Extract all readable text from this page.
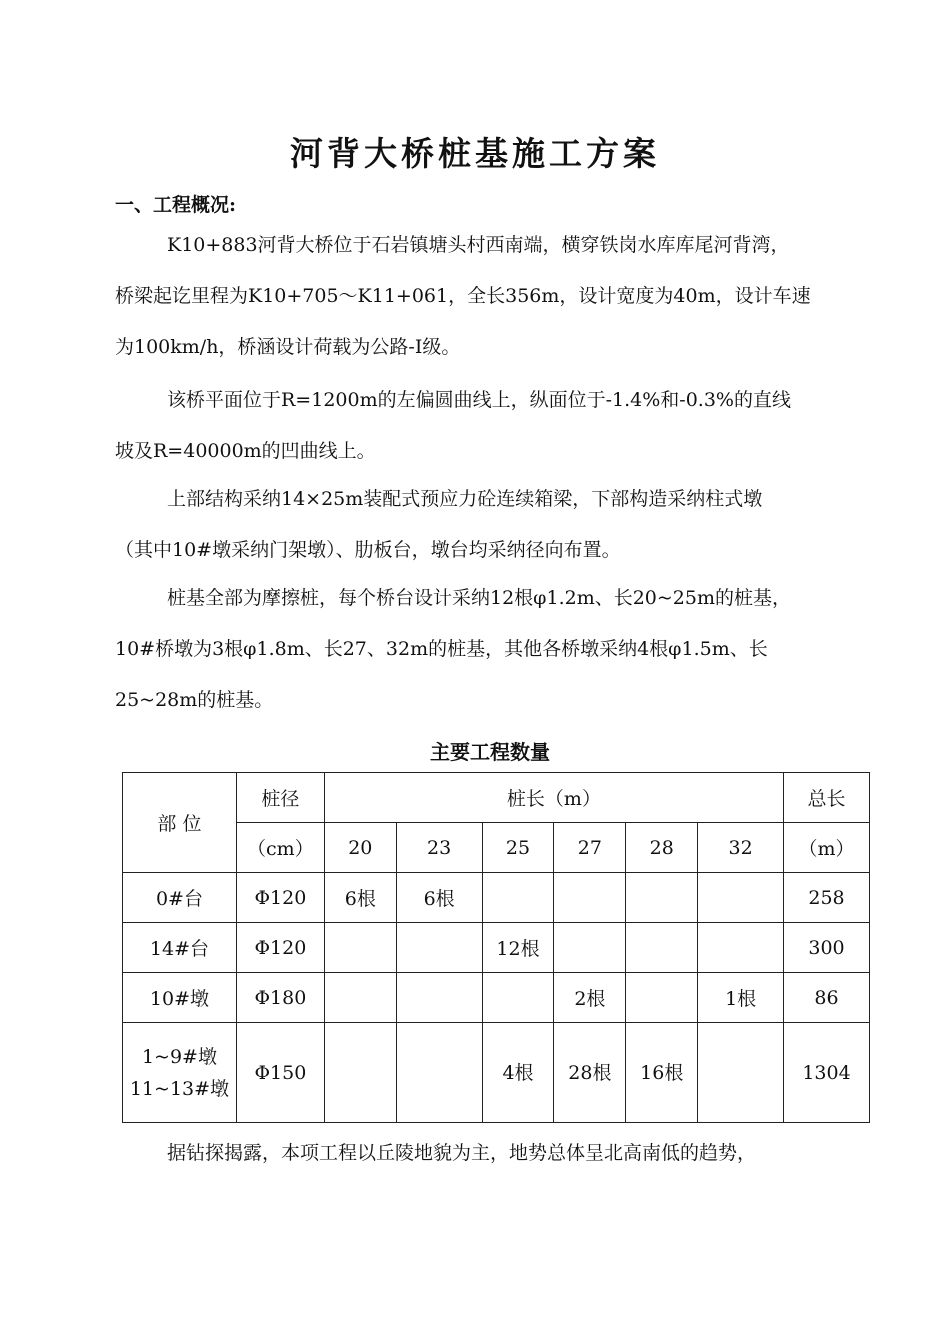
河背大桥桩基施工方案
一、工程概况:
K10+883河背大桥位于石岩镇塘头村西南端，横穿铁岗水库库尾河背湾，
桥梁起讫里程为K10+705～K11+061，全长356m，设计宽度为40m，设计车速
为100km/h，桥涵设计荷载为公路-Ⅰ级。
该桥平面位于R=1200m的左偏圆曲线上，纵面位于-1.4%和-0.3%的直线
坡及R=40000m的凹曲线上。
上部结构采纳14×25m装配式预应力砼连续箱梁，下部构造采纳柱式墩
（其中10#墩采纳门架墩）、肋板台，墩台均采纳径向布置。
桩基全部为摩擦桩，每个桥台设计采纳12根φ1.2m、长20~25m的桩基，
10#桥墩为3根φ1.8m、长27、32m的桩基，其他各桥墩采纳4根φ1.5m、长
25~28m的桩基。
主要工程数量
部 位	桩径	桩长（m）						总长
	（cm）	20	23	25	27	28	32	（m）
0#台	Φ120	6根	6根					258
14#台	Φ120			12根				300
10#墩	Φ180				2根		1根	86

1~9#墩
11~13#墩	Φ150			4根	28根	16根		1304
据钻探揭露，本项工程以丘陵地貌为主，地势总体呈北高南低的趋势，
